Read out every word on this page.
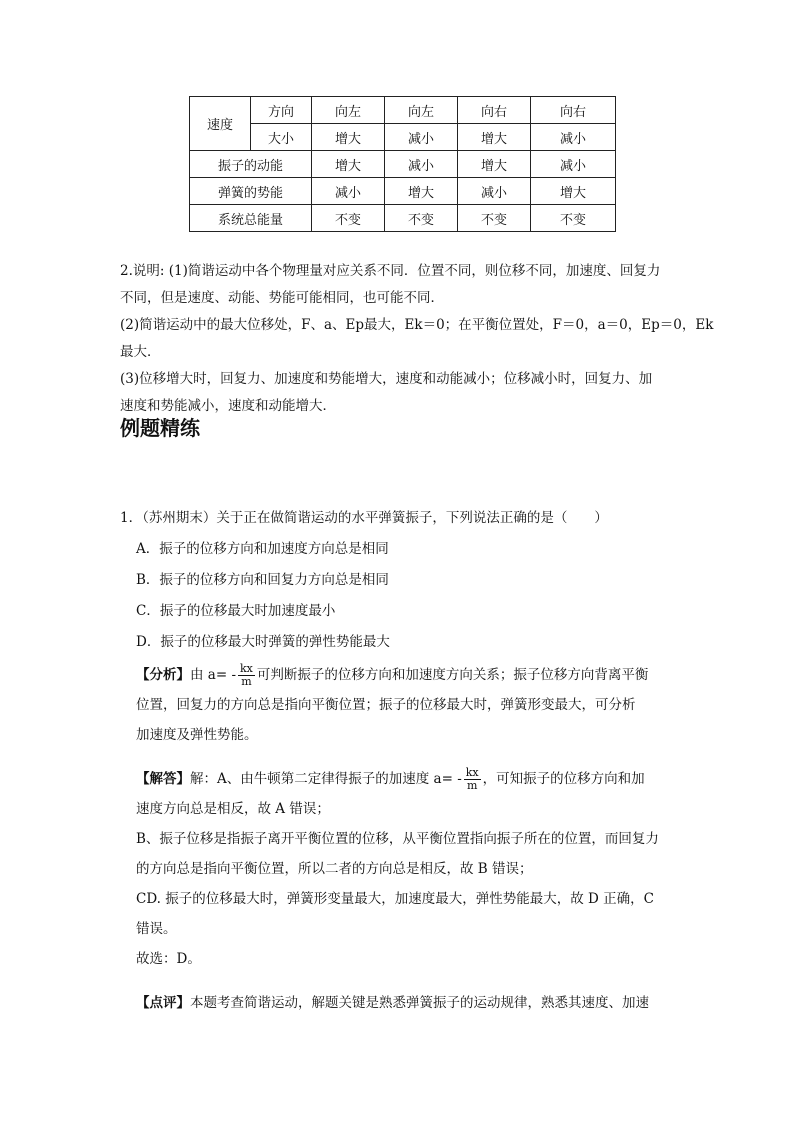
速度	方向	向左	向左	向右	向右
	大小	增大	减小	增大	减小
振子的动能		增大	减小	增大	减小
弹簧的势能		减小	增大	减小	增大
系统总能量		不变	不变	不变	不变
2.说明: (1)简谐运动中各个物理量对应关系不同．位置不同，则位移不同，加速度、回复力
不同，但是速度、动能、势能可能相同，也可能不同．
(2)简谐运动中的最大位移处，F、a、Ep最大，Ek＝0；在平衡位置处，F＝0，a＝0，Ep＝0，Ek
最大．
(3)位移增大时，回复力、加速度和势能增大，速度和动能减小；位移减小时，回复力、加
速度和势能减小，速度和动能增大．
例题精练
1．（苏州期末）关于正在做简谐运动的水平弹簧振子，下列说法正确的是（　　）
A．振子的位移方向和加速度方向总是相同
B．振子的位移方向和回复力方向总是相同
C．振子的位移最大时加速度最小
D．振子的位移最大时弹簧的弹性势能最大
【分析】由 $a= - \frac{kx}{m}$ 可判断振子的位移方向和加速度方向关系；振子位移方向背离平衡
位置，回复力的方向总是指向平衡位置；振子的位移最大时，弹簧形变最大，可分析
加速度及弹性势能。
【解答】解：A、由牛顿第二定律得振子的加速度 $a= - \frac{kx}{m}$ ，可知振子的位移方向和加
速度方向总是相反，故 A 错误；
B、振子位移是指振子离开平衡位置的位移，从平衡位置指向振子所在的位置，而回复力
的方向总是指向平衡位置，所以二者的方向总是相反，故 B 错误；
CD. 振子的位移最大时，弹簧形变量最大，加速度最大，弹性势能最大，故 D 正确，C
错误。
故选：D。
【点评】本题考查简谐运动，解题关键是熟悉弹簧振子的运动规律，熟悉其速度、加速
